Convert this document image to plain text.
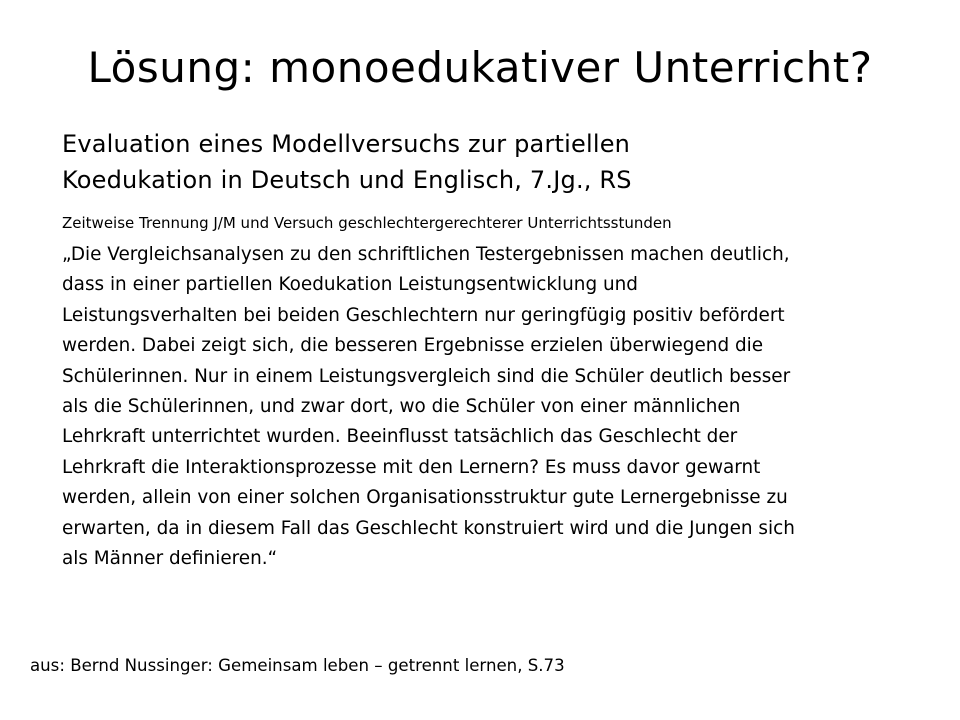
Lösung: monoedukativer Unterricht?
Evaluation eines Modellversuchs zur partiellen
Koedukation in Deutsch und Englisch, 7.Jg., RS
Zeitweise Trennung J/M und Versuch geschlechtergerechterer Unterrichtsstunden
„Die Vergleichsanalysen zu den schriftlichen Testergebnissen machen deutlich,
dass in einer partiellen Koedukation Leistungsentwicklung und
Leistungsverhalten bei beiden Geschlechtern nur geringfügig positiv befördert
werden. Dabei zeigt sich, die besseren Ergebnisse erzielen überwiegend die
Schülerinnen. Nur in einem Leistungsvergleich sind die Schüler deutlich besser
als die Schülerinnen, und zwar dort, wo die Schüler von einer männlichen
Lehrkraft unterrichtet wurden. Beeinflusst tatsächlich das Geschlecht der
Lehrkraft die Interaktionsprozesse mit den Lernern? Es muss davor gewarnt
werden, allein von einer solchen Organisationsstruktur gute Lernergebnisse zu
erwarten, da in diesem Fall das Geschlecht konstruiert wird und die Jungen sich
als Männer definieren.“
aus: Bernd Nussinger: Gemeinsam leben – getrennt lernen, S.73
